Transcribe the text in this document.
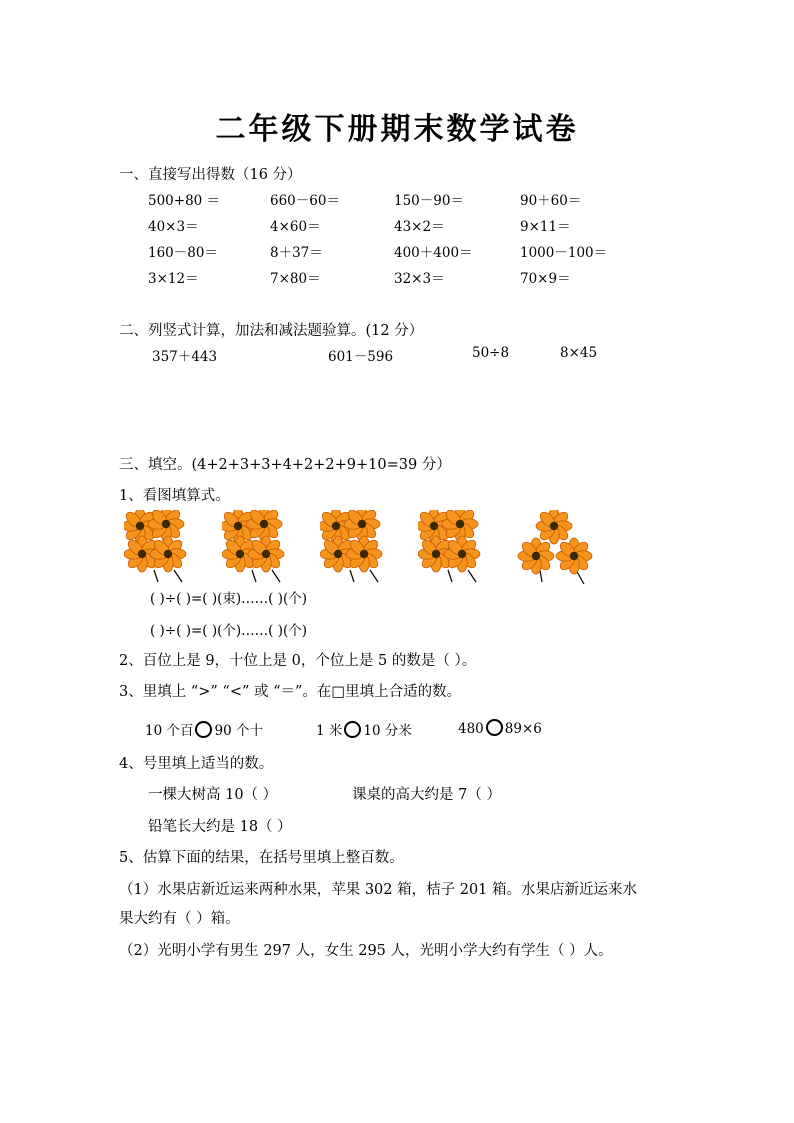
二年级下册期末数学试卷
一、直接写出得数（16 分）
500+80 ＝	660－60＝	150－90＝	90＋60＝
40×3＝	4×60＝	43×2＝	9×11＝
160－80＝	8＋37＝	400＋400＝	1000－100＝
3×12＝	7×80＝	32×3＝	70×9＝
二、列竖式计算，加法和减法题验算。(12 分）
357＋443	601－596	50÷8	8×45
三、填空。(4+2+3+3+4+2+2+9+10=39 分）
1、看图填算式。
( )÷( )=( )(束)……( )(个)
( )÷( )=( )(个)……( )(个)
2、百位上是 9，十位上是 0，个位上是 5 的数是（ ）。
3、里填上 “>” “<” 或 “＝”。在□里填上合适的数。
10 个百 90 个十	1 米 10 分米	480 89×6
4、号里填上适当的数。
一棵大树高 10（ ）	课桌的高大约是 7（ ）
铅笔长大约是 18（ ）
5、估算下面的结果，在括号里填上整百数。
（1）水果店新近运来两种水果，苹果 302 箱，桔子 201 箱。水果店新近运来水
果大约有（ ）箱。
（2）光明小学有男生 297 人，女生 295 人，光明小学大约有学生（ ）人。
